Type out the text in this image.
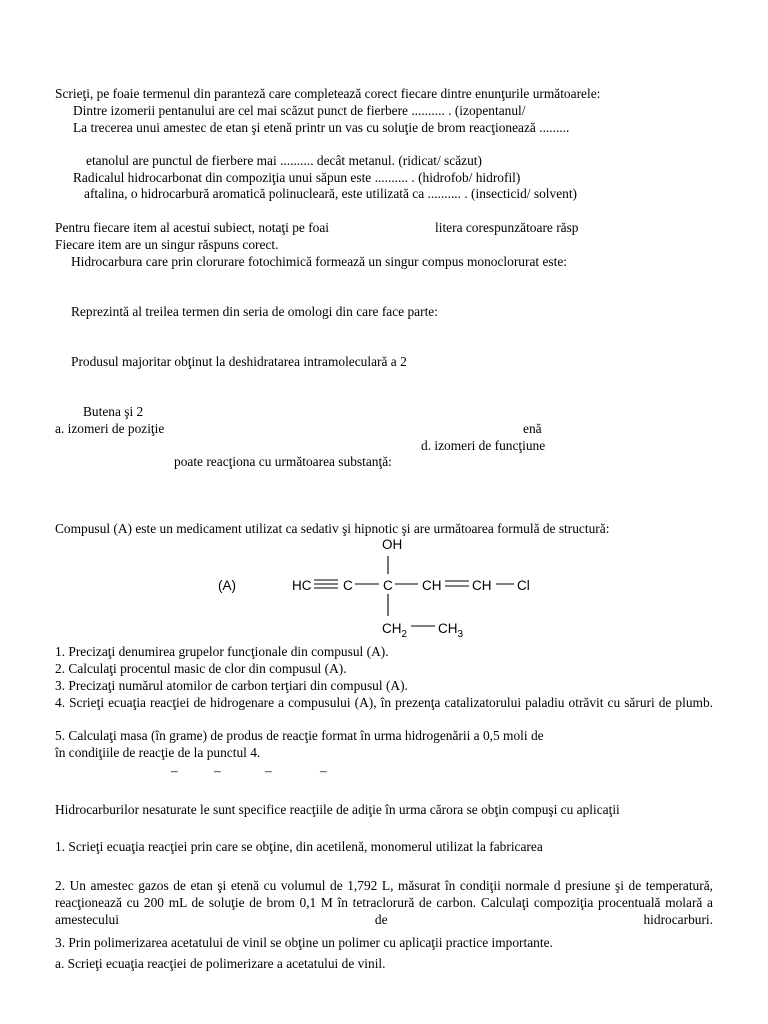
Scrieţi, pe foaie termenul din paranteză care completează corect fiecare dintre enunţurile următoarele:
Dintre izomerii pentanului are cel mai scăzut punct de fierbere .......... . (izopentanul/
La trecerea unui amestec de etan şi etenă printr un vas cu soluţie de brom reacţionează .........
etanolul are punctul de fierbere mai .......... decât metanul. (ridicat/ scăzut)
Radicalul hidrocarbonat din compoziţia unui săpun este .......... . (hidrofob/ hidrofil)
aftalina, o hidrocarbură aromatică polinucleară, este utilizată ca .......... . (insecticid/ solvent)
Pentru fiecare item al acestui subiect, notaţi pe foai	litera corespunzătoare răsp
Fiecare item are un singur răspuns corect.
Hidrocarbura care prin clorurare fotochimică formează un singur compus monoclorurat este:
Reprezintă al treilea termen din seria de omologi din care face parte:
Produsul majoritar obţinut la deshidratarea intramoleculară a 2
Butena şi 2
a. izomeri de poziţie	enă
d. izomeri de funcţiune
poate reacţiona cu următoarea substanţă:
Compusul (A) este un medicament utilizat ca sedativ şi hipnotic şi are următoarea formulă de structură:
(A)
OH
HC C C CH CH Cl
$CH_2$ $CH_3$
1. Precizaţi denumirea grupelor funcţionale din compusul (A).
2. Calculaţi procentul masic de clor din compusul (A).
3. Precizaţi numărul atomilor de carbon terţiari din compusul (A).
4. Scrieţi ecuaţia reacţiei de hidrogenare a compusului (A), în prezenţa catalizatorului paladiu otrăvit cu săruri de plumb.
5. Calculaţi masa (în grame) de produs de reacţie format în urma hidrogenării a 0,5 moli de
în condiţiile de reacţie de la punctul 4.
–	–	–	–
Hidrocarburilor nesaturate le sunt specifice reacţiile de adiţie în urma cărora se obţin compuşi cu aplicaţii
1. Scrieţi ecuaţia reacţiei prin care se obţine, din acetilenă, monomerul utilizat la fabricarea
2. Un amestec gazos de etan şi etenă cu volumul de 1,792 L, măsurat în condiţii normale d presiune şi de temperatură, reacţionează cu 200 mL de soluţie de brom 0,1 M în tetraclorură de carbon. Calculaţi compoziţia procentuală molară a amestecului de hidrocarburi.
3. Prin polimerizarea acetatului de vinil se obţine un polimer cu aplicaţii practice importante.
a. Scrieţi ecuaţia reacţiei de polimerizare a acetatului de vinil.
